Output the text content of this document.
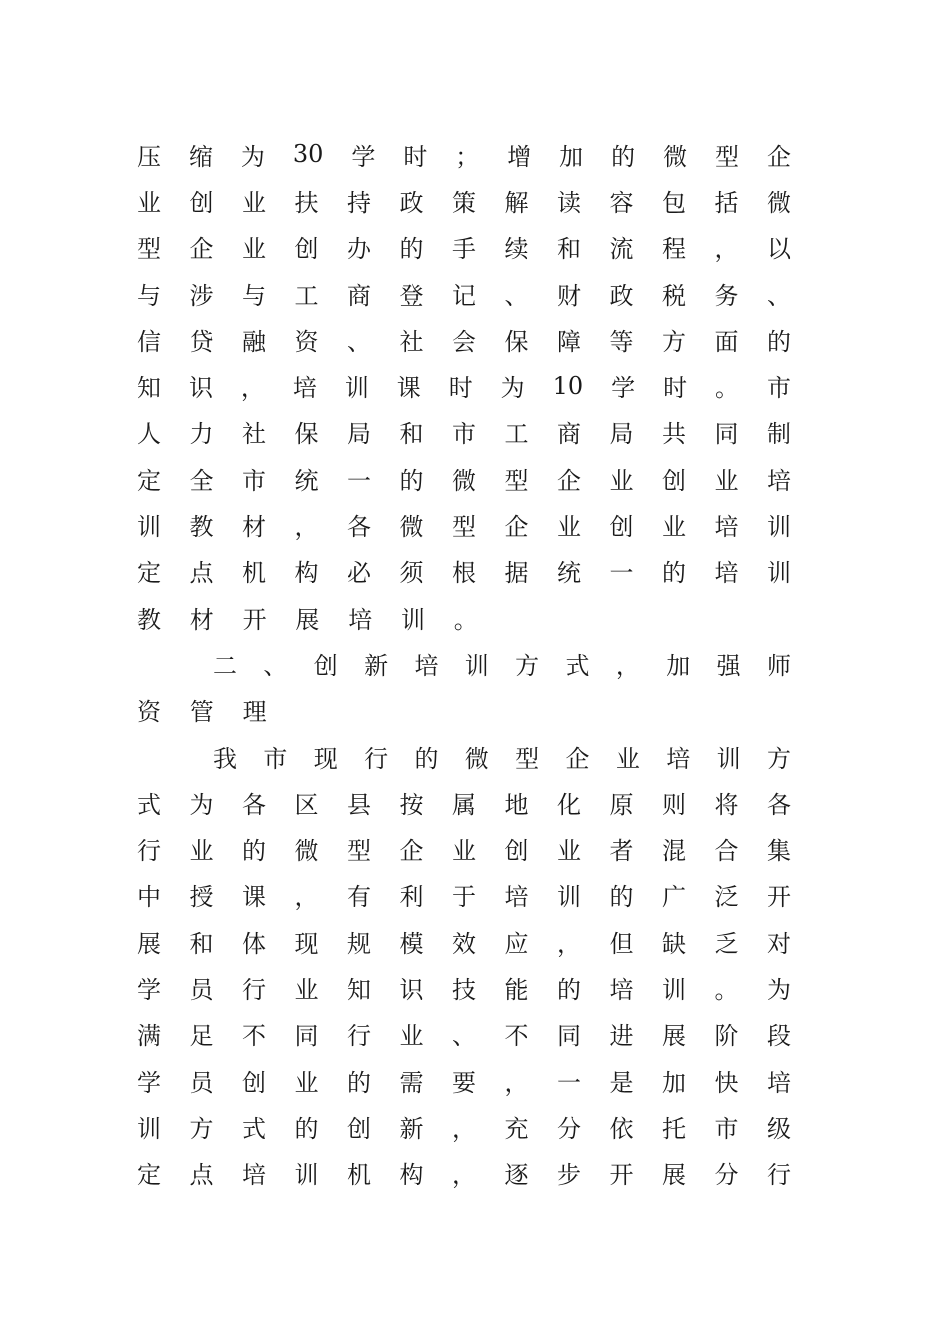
压 缩 为 30 学 时 ； 增 加 的 微 型 企
业 创 业 扶 持 政 策 解 读 容 包 括 微
型 企 业 创 办 的 手 续 和 流 程 ， 以
与 涉 与 工 商 登 记 、 财 政 税 务 、
信 贷 融 资 、 社 会 保 障 等 方 面 的
知 识 ， 培 训 课 时 为 10 学 时 。 市
人 力 社 保 局 和 市 工 商 局 共 同 制
定 全 市 统 一 的 微 型 企 业 创 业 培
训 教 材 ， 各 微 型 企 业 创 业 培 训
定 点 机 构 必 须 根 据 统 一 的 培 训
教 材 开 展 培 训 。
二 、 创 新 培 训 方 式 ， 加 强 师
资 管 理
我 市 现 行 的 微 型 企 业 培 训 方
式 为 各 区 县 按 属 地 化 原 则 将 各
行 业 的 微 型 企 业 创 业 者 混 合 集
中 授 课 ， 有 利 于 培 训 的 广 泛 开
展 和 体 现 规 模 效 应 ， 但 缺 乏 对
学 员 行 业 知 识 技 能 的 培 训 。 为
满 足 不 同 行 业 、 不 同 进 展 阶 段
学 员 创 业 的 需 要 ， 一 是 加 快 培
训 方 式 的 创 新 ， 充 分 依 托 市 级
定 点 培 训 机 构 ， 逐 步 开 展 分 行
